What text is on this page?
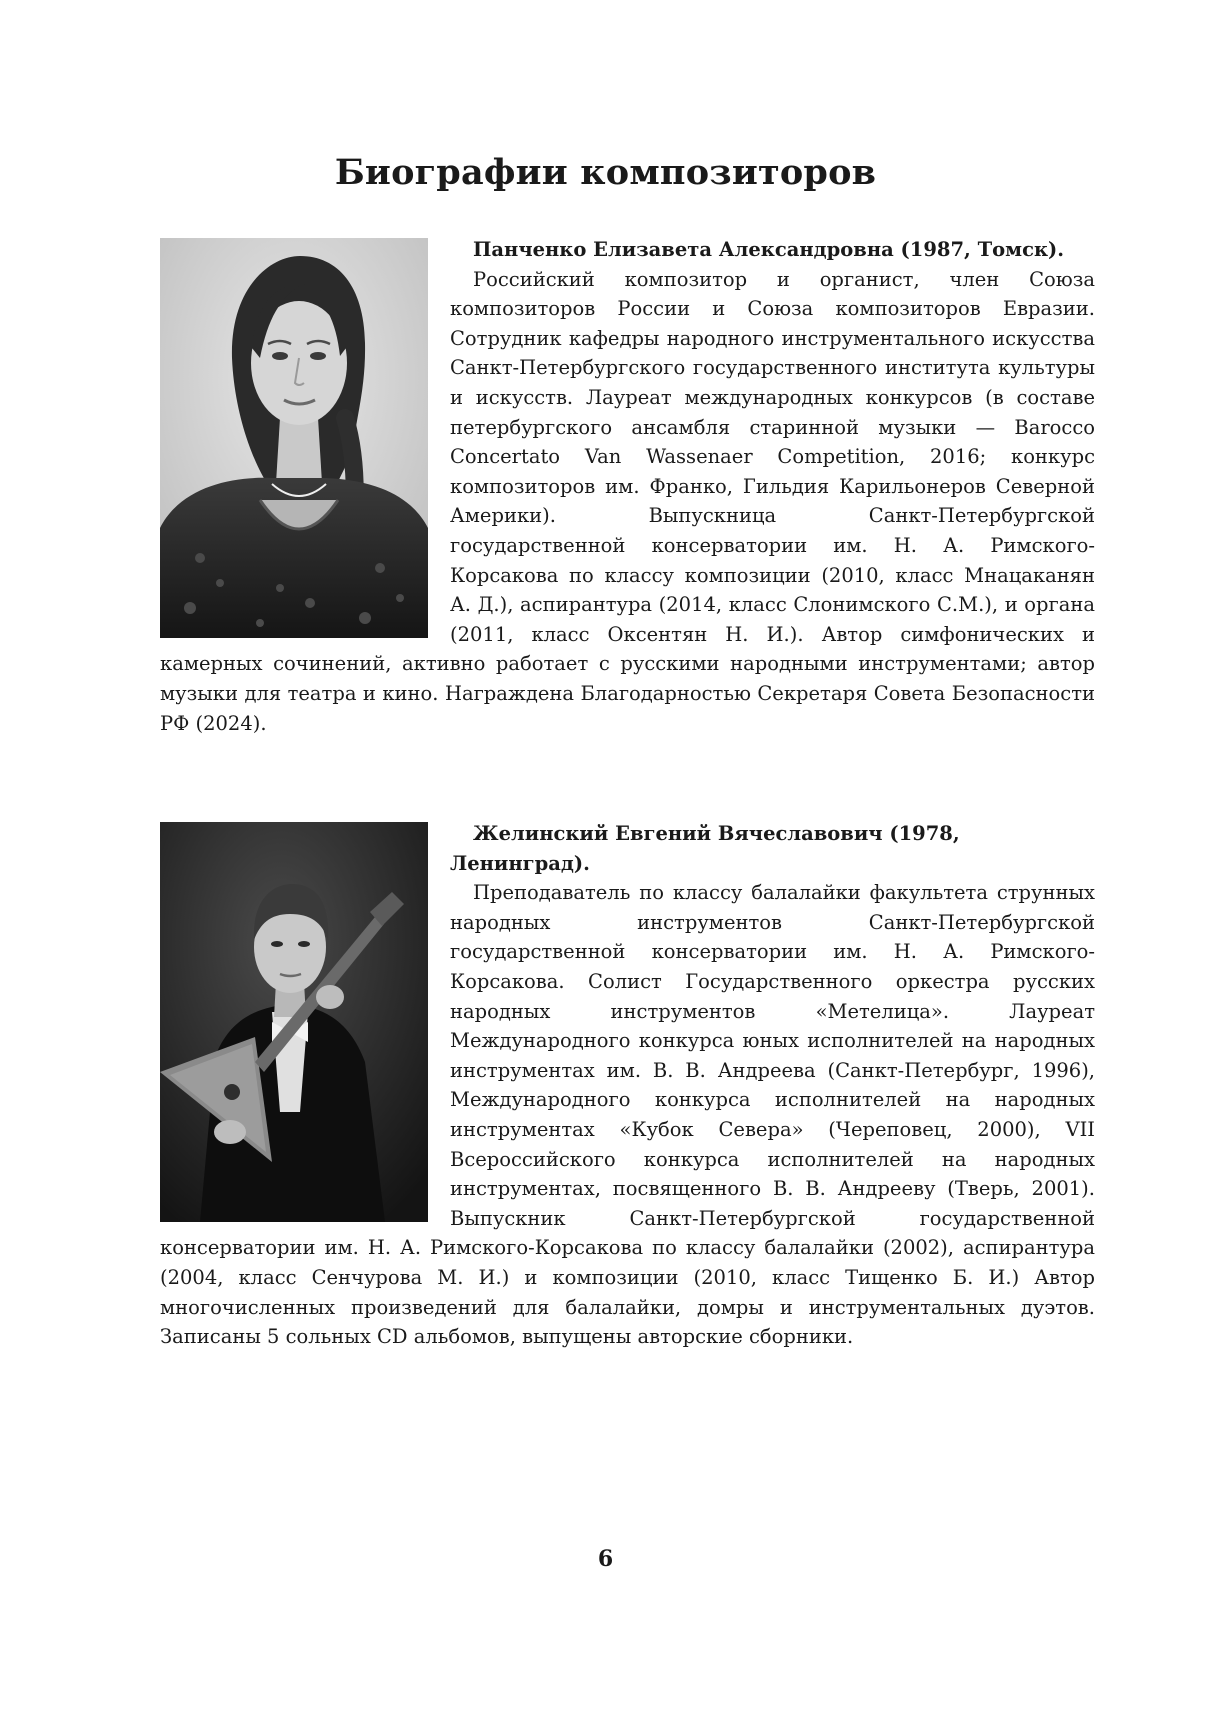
Биографии композиторов

Панченко Елизавета Александровна (1987, Томск).

Российский композитор и органист, член Союза композиторов России и Союза композиторов Евразии. Сотрудник кафедры народного инструментального искусства Санкт-Петербургского государственного института культуры и искусств. Лауреат международных конкурсов (в составе петербургского ансамбля старинной музыки — Barocco Concertato Van Wassenaer Competition, 2016; конкурс композиторов им. Франко, Гильдия Карильонеров Северной Америки). Выпускница Санкт-Петербургской государственной консерватории им. Н. А. Римского-Корсакова по классу композиции (2010, класс Мнацаканян А. Д.), аспирантура (2014, класс Слонимского С.М.), и органа (2011, класс Оксентян Н. И.). Автор симфонических и камерных сочинений, активно работает с русскими народными инструментами; автор музыки для театра и кино. Награждена Благодарностью Секретаря Совета Безопасности РФ (2024).

Желинский Евгений Вячеславович (1978, Ленинград).

Преподаватель по классу балалайки факультета струнных народных инструментов Санкт-Петербургской государственной консерватории им. Н. А. Римского-Корсакова. Солист Государственного оркестра русских народных инструментов «Метелица». Лауреат Международного конкурса юных исполнителей на народных инструментах им. В. В. Андреева (Санкт-Петербург, 1996), Международного конкурса исполнителей на народных инструментах «Кубок Севера» (Череповец, 2000), VII Всероссийского конкурса исполнителей на народных инструментах, посвященного В. В. Андрееву (Тверь, 2001). Выпускник Санкт-Петербургской государственной консерватории им. Н. А. Римского-Корсакова по классу балалайки (2002), аспирантура (2004, класс Сенчурова М. И.) и композиции (2010, класс Тищенко Б. И.) Автор многочисленных произведений для балалайки, домры и инструментальных дуэтов. Записаны 5 сольных CD альбомов, выпущены авторские сборники.

6
